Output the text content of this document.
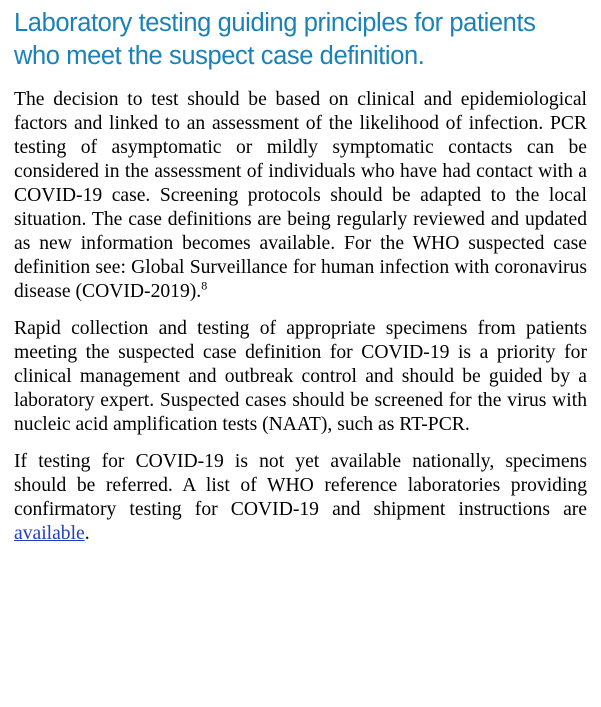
Laboratory testing guiding principles for patients who meet the suspect case definition.

The decision to test should be based on clinical and epidemiological factors and linked to an assessment of the likelihood of infection. PCR testing of asymptomatic or mildly symptomatic contacts can be considered in the assessment of individuals who have had contact with a COVID-19 case. Screening protocols should be adapted to the local situation. The case definitions are being regularly reviewed and updated as new information becomes available. For the WHO suspected case definition see: Global Surveillance for human infection with coronavirus disease (COVID-2019).$^8$

Rapid collection and testing of appropriate specimens from patients meeting the suspected case definition for COVID-19 is a priority for clinical management and outbreak control and should be guided by a laboratory expert. Suspected cases should be screened for the virus with nucleic acid amplification tests (NAAT), such as RT-PCR.

If testing for COVID-19 is not yet available nationally, specimens should be referred. A list of WHO reference laboratories providing confirmatory testing for COVID-19 and shipment instructions are available.
